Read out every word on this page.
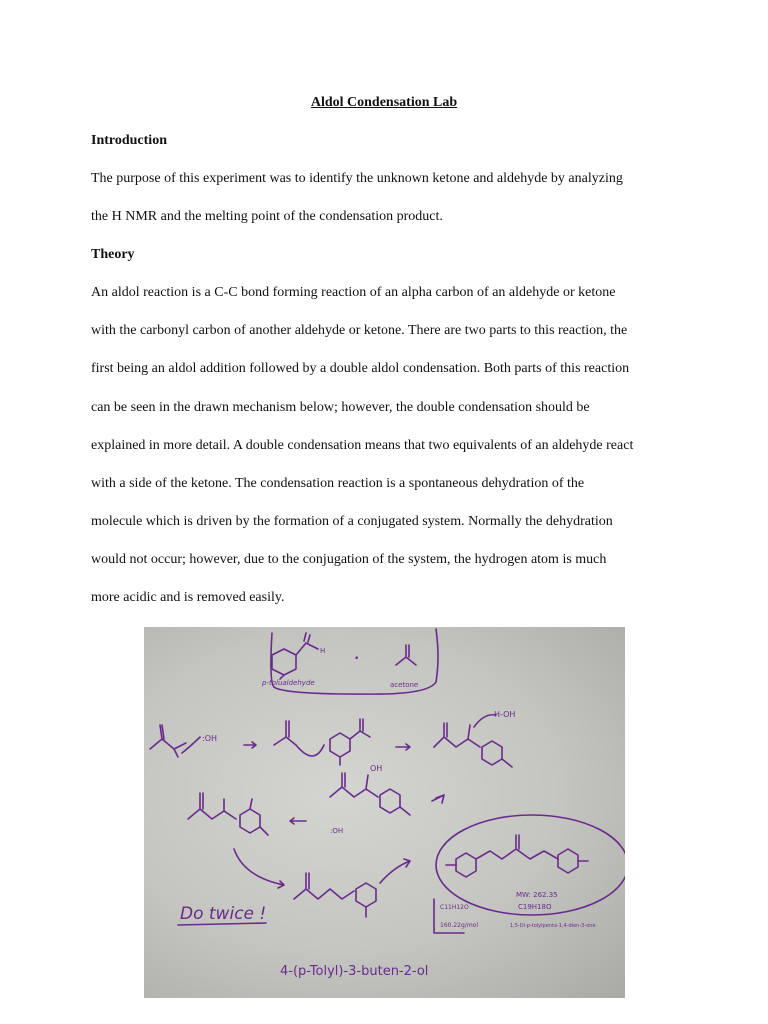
Aldol Condensation Lab
Introduction
The purpose of this experiment was to identify the unknown ketone and aldehyde by analyzing
the H NMR and the melting point of the condensation product.
Theory
An aldol reaction is a C-C bond forming reaction of an alpha carbon of an aldehyde or ketone
with the carbonyl carbon of another aldehyde or ketone. There are two parts to this reaction, the
first being an aldol addition followed by a double aldol condensation. Both parts of this reaction
can be seen in the drawn mechanism below; however, the double condensation should be
explained in more detail. A double condensation means that two equivalents of an aldehyde react
with a side of the ketone. The condensation reaction is a spontaneous dehydration of the
molecule which is driven by the formation of a conjugated system. Normally the dehydration
would not occur; however, due to the conjugation of the system, the hydrogen atom is much
more acidic and is removed easily.
H
p-tolualdehyde
•
acetone
:OH
H-OH
OH
:OH
Do twice !	C11H12O
160.22g/mol
MW: 262.35
C19H18O
1,5-Di-p-tolylpenta-1,4-dien-3-one
4-(p-Tolyl)-3-buten-2-ol
